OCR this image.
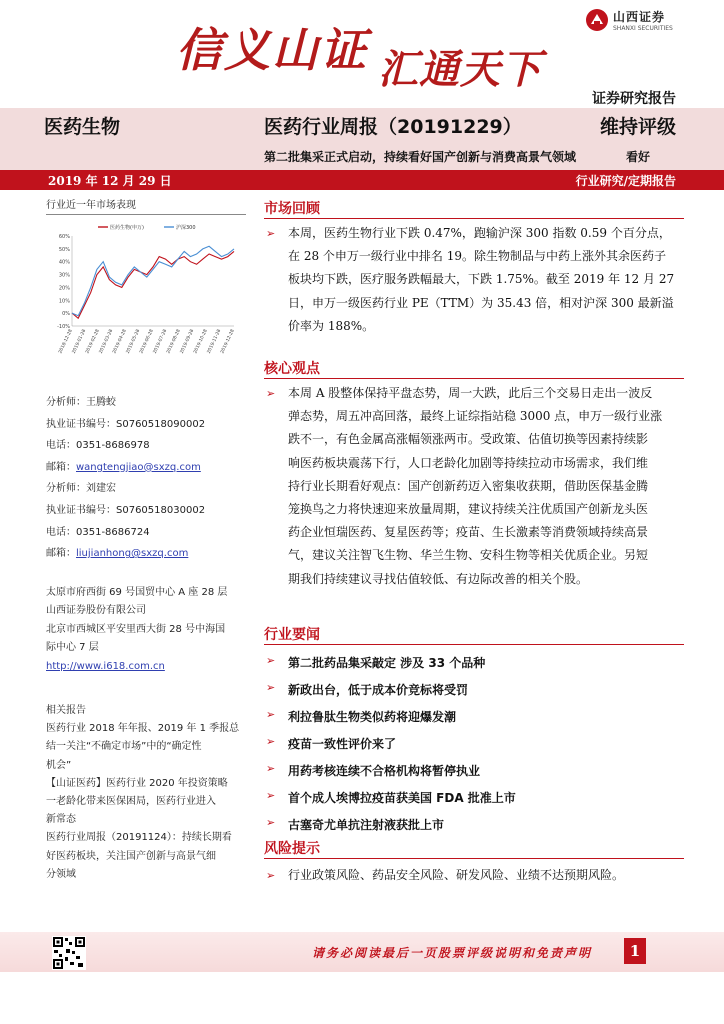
信义山证 汇通天下
山西证券
SHANXI SECURITIES
证券研究报告
医药生物	医药行业周报（20191229）	维持评级
第二批集采正式启动，持续看好国产创新与消费高景气领域	看好
2019 年 12 月 29 日	行业研究/定期报告
行业近一年市场表现
60%
50%
40%
30%
20%
10%
0%
-10%
2018-12-28
2019-01-28
2019-02-28
2019-03-28
2019-04-28
2019-05-28
2019-06-28
2019-07-28
2019-08-28
2019-09-28
2019-10-28
2019-11-28
2019-12-28
医药生物(申万)	沪深300
分析师：王腾蛟
执业证书编号：S0760518090002
电话：0351-8686978
邮箱：wangtengjiao@sxzq.com
分析师：刘建宏
执业证书编号：S0760518030002
电话：0351-8686724
邮箱：liujianhong@sxzq.com
太原市府西街 69 号国贸中心 A 座 28 层
山西证券股份有限公司
北京市西城区平安里西大街 28 号中海国
际中心 7 层
http://www.i618.com.cn
相关报告
医药行业 2018 年年报、2019 年 1 季报总
结一关注“不确定市场”中的“确定性
机会”
【山证医药】医药行业 2020 年投资策略
一老龄化带来医保困局，医药行业进入
新常态
医药行业周报（20191124）：持续长期看
好医药板块，关注国产创新与高景气细
分领域
市场回顾
➢ 本周，医药生物行业下跌 0.47%，跑输沪深 300 指数 0.59 个百分点，
在 28 个申万一级行业中排名 19。除生物制品与中药上涨外其余医药子
板块均下跌，医疗服务跌幅最大，下跌 1.75%。截至 2019 年 12 月 27
日，申万一级医药行业 PE（TTM）为 35.43 倍，相对沪深 300 最新溢
价率为 188%。
核心观点
➢ 本周 A 股整体保持平盘态势，周一大跌，此后三个交易日走出一波反
弹态势，周五冲高回落，最终上证综指站稳 3000 点，申万一级行业涨
跌不一，有色金属高涨幅领涨两市。受政策、估值切换等因素持续影
响医药板块震荡下行，人口老龄化加剧等持续拉动市场需求，我们维
持行业长期看好观点：国产创新药迈入密集收获期，借助医保基金腾
笼换鸟之力将快速迎来放量周期，建议持续关注优质国产创新龙头医
药企业恒瑞医药、复星医药等；疫苗、生长激素等消费领域持续高景
气，建议关注智飞生物、华兰生物、安科生物等相关优质企业。另短
期我们持续建议寻找估值较低、有边际改善的相关个股。
行业要闻
➢ 第二批药品集采敲定 涉及 33 个品种
➢ 新政出台，低于成本价竞标将受罚
➢ 利拉鲁肽生物类似药将迎爆发潮
➢ 疫苗一致性评价来了
➢ 用药考核连续不合格机构将暂停执业
➢ 首个成人埃博拉疫苗获美国 FDA 批准上市
➢ 古塞奇尤单抗注射液获批上市
风险提示
➢	行业政策风险、药品安全风险、研发风险、业绩不达预期风险。
请务必阅读最后一页股票评级说明和免责声明	1
